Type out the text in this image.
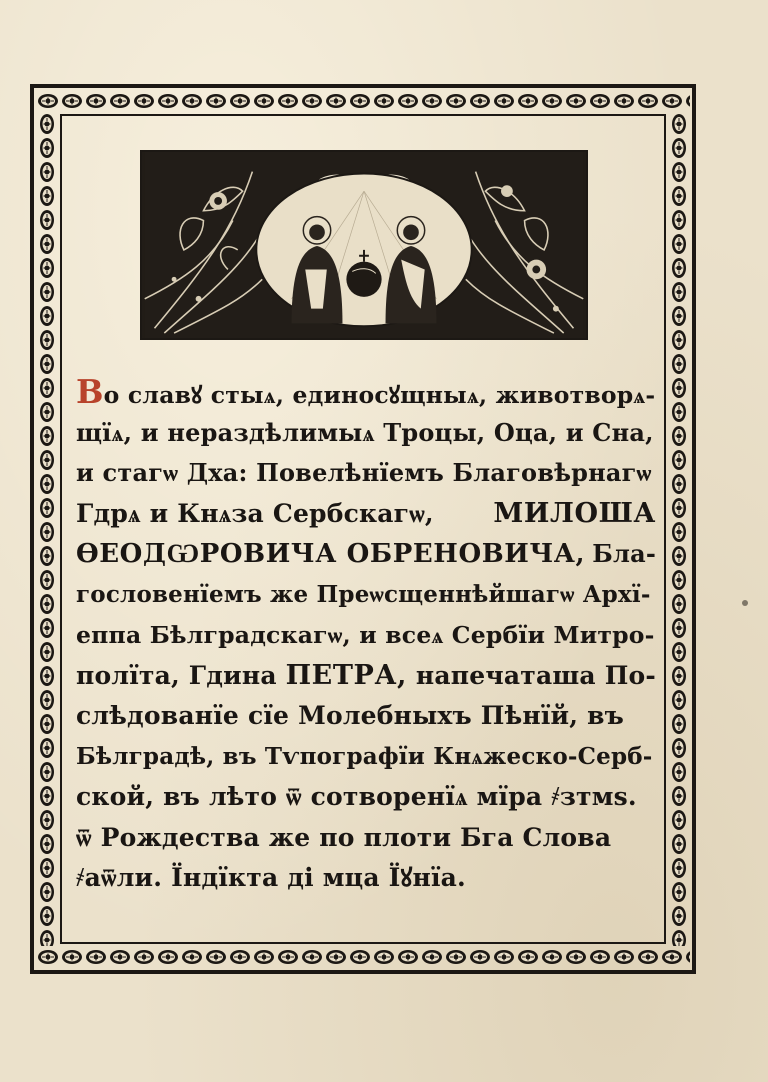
Во славꙋ стыѧ, единосꙋщныѧ, животворѧ-
щїѧ, и нераздѣлимыѧ Троцы, Оца, и Сна,
и стагѡ Дха: Повелѣнїемъ Благовѣрнагѡ
Гдрѧ и Кнѧза Сербскагѡ, МИЛОША
ѲЕОДѠРОВИЧА ОБРЕНОВИЧА, Бла-
гословенїемъ же Преѡсщеннѣйшагѡ Архї-
еппа Бѣлградскагѡ, и всеѧ Сербїи Митро-
полїта, Гдина ПЕТРА, напечаташа По-
слѣдованїе сїе Молебныхъ Пѣнїй, въ
Бѣлградѣ, въ Тѵпографїи Кнѧжеско-Серб-
ской, въ лѣто ѿ сотворенїѧ мїра ҂зтмѕ.
ѿ Рождества же по плоти Бга Слова
҂аѿли. Їндїкта ді мца Їꙋнїа.
